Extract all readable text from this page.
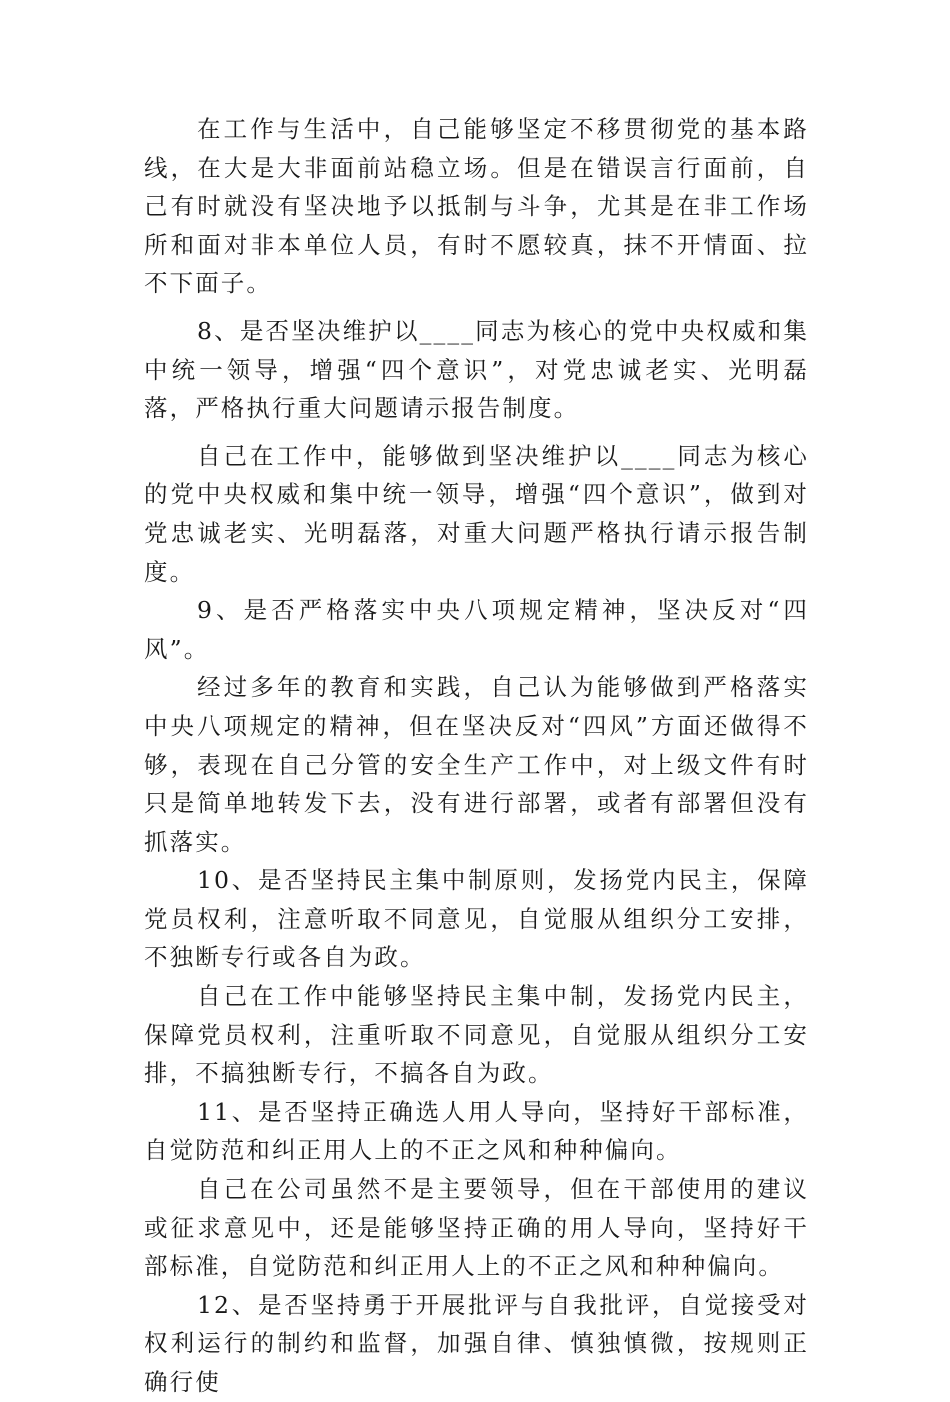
在工作与生活中，自己能够坚定不移贯彻党的基本路线，在大是大非面前站稳立场。但是在错误言行面前，自己有时就没有坚决地予以抵制与斗争，尤其是在非工作场所和面对非本单位人员，有时不愿较真，抹不开情面、拉不下面子。

8、是否坚决维护以____同志为核心的党中央权威和集中统一领导，增强“四个意识”，对党忠诚老实、光明磊落，严格执行重大问题请示报告制度。

自己在工作中，能够做到坚决维护以____同志为核心的党中央权威和集中统一领导，增强“四个意识”，做到对党忠诚老实、光明磊落，对重大问题严格执行请示报告制度。

9、是否严格落实中央八项规定精神，坚决反对“四风”。

经过多年的教育和实践，自己认为能够做到严格落实中央八项规定的精神，但在坚决反对“四风”方面还做得不够，表现在自己分管的安全生产工作中，对上级文件有时只是简单地转发下去，没有进行部署，或者有部署但没有抓落实。

10、是否坚持民主集中制原则，发扬党内民主，保障党员权利，注意听取不同意见，自觉服从组织分工安排，不独断专行或各自为政。

自己在工作中能够坚持民主集中制，发扬党内民主，保障党员权利，注重听取不同意见，自觉服从组织分工安排，不搞独断专行，不搞各自为政。

11、是否坚持正确选人用人导向，坚持好干部标准，自觉防范和纠正用人上的不正之风和种种偏向。

自己在公司虽然不是主要领导，但在干部使用的建议或征求意见中，还是能够坚持正确的用人导向，坚持好干部标准，自觉防范和纠正用人上的不正之风和种种偏向。

12、是否坚持勇于开展批评与自我批评，自觉接受对权利运行的制约和监督，加强自律、慎独慎微，按规则正确行使
